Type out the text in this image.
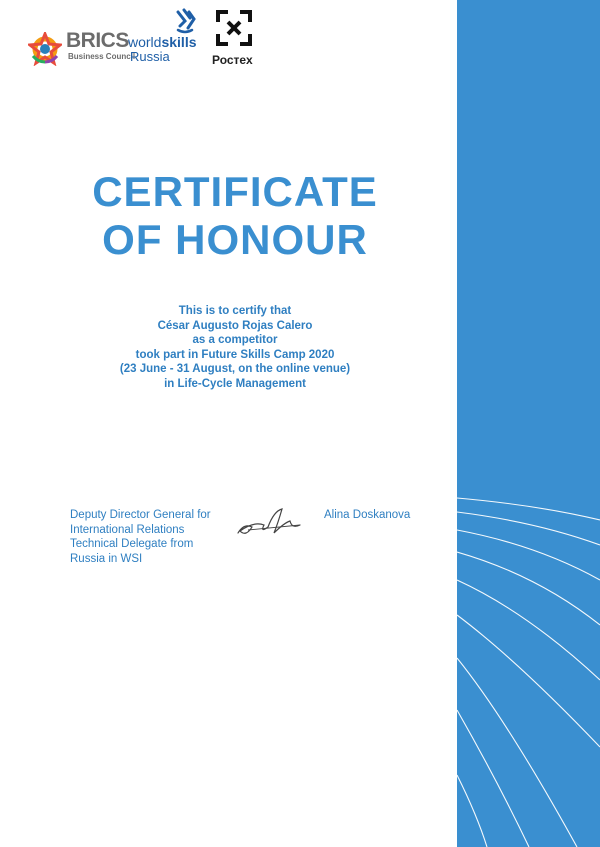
BRICS
Business Council
worldskills
Russia	Ростех
CERTIFICATE
OF HONOUR
This is to certify that
César Augusto Rojas Calero
as a competitor
took part in Future Skills Camp 2020
(23 June - 31 August, on the online venue)
in Life-Cycle Management
Deputy Director General for
International Relations
Technical Delegate from
Russia in WSI
Alina Doskanova
